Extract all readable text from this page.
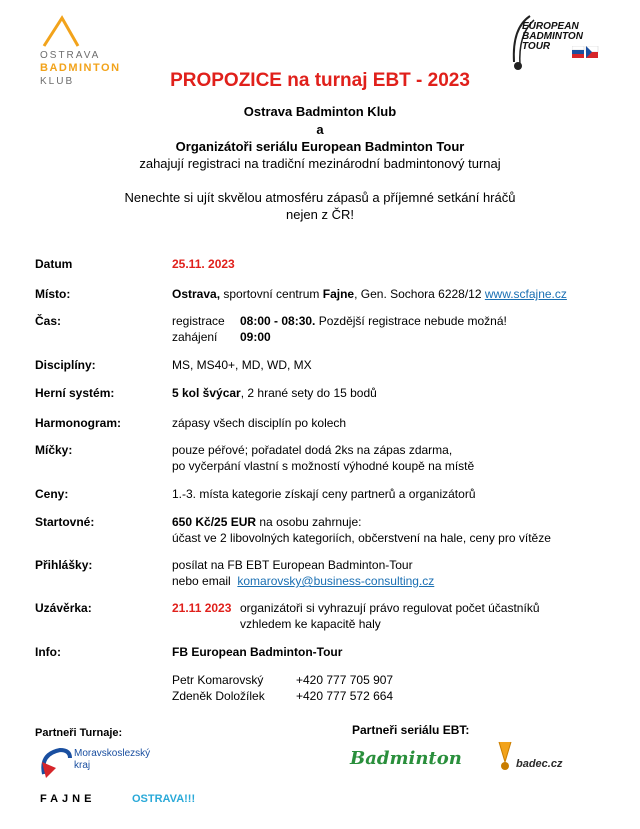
OSTRAVA
BADMINTON
KLUB
EUROPEAN
BADMINTON
TOUR
PROPOZICE na turnaj EBT - 2023
Ostrava Badminton Klub
a
Organizátoři seriálu European Badminton Tour
zahajují registraci na tradiční mezinárodní badmintonový turnaj
Nenechte si ujít skvělou atmosféru zápasů a příjemné setkání hráčů
nejen z ČR!
Datum	25.11. 2023
Místo:	Ostrava, sportovní centrum Fajne, Gen. Sochora 6228/12 www.scfajne.cz
Čas:	registrace 08:00 - 08:30. Pozdější registrace nebude možná!
zahájení 09:00
Disciplíny:	MS, MS40+, MD, WD, MX
Herní systém:	5 kol švýcar, 2 hrané sety do 15 bodů
Harmonogram:	zápasy všech disciplín po kolech
Míčky:	pouze péřové; pořadatel dodá 2ks na zápas zdarma,
po vyčerpání vlastní s možností výhodné koupě na místě
Ceny:	1.-3. místa kategorie získají ceny partnerů a organizátorů
Startovné:	650 Kč/25 EUR na osobu zahrnuje:
účast ve 2 libovolných kategoriích, občerstvení na hale, ceny pro vítěze
Přihlášky:	posílat na FB EBT European Badminton-Tour
nebo email  komarovsky@business-consulting.cz
Uzávěrka:	21.11 2023 organizátoři si vyhrazují právo regulovat počet účastníků
vzhledem ke kapacitě haly
Info:	FB European Badminton-Tour
Petr Komarovský	+420 777 705 907
Zdeněk Doložílek	+420 777 572 664
Partneři Turnaje:	Partneři seriálu EBT:
Moravskoslezský
kraj
FAJNE	OSTRAVA!!!
Badminton	badec.cz
